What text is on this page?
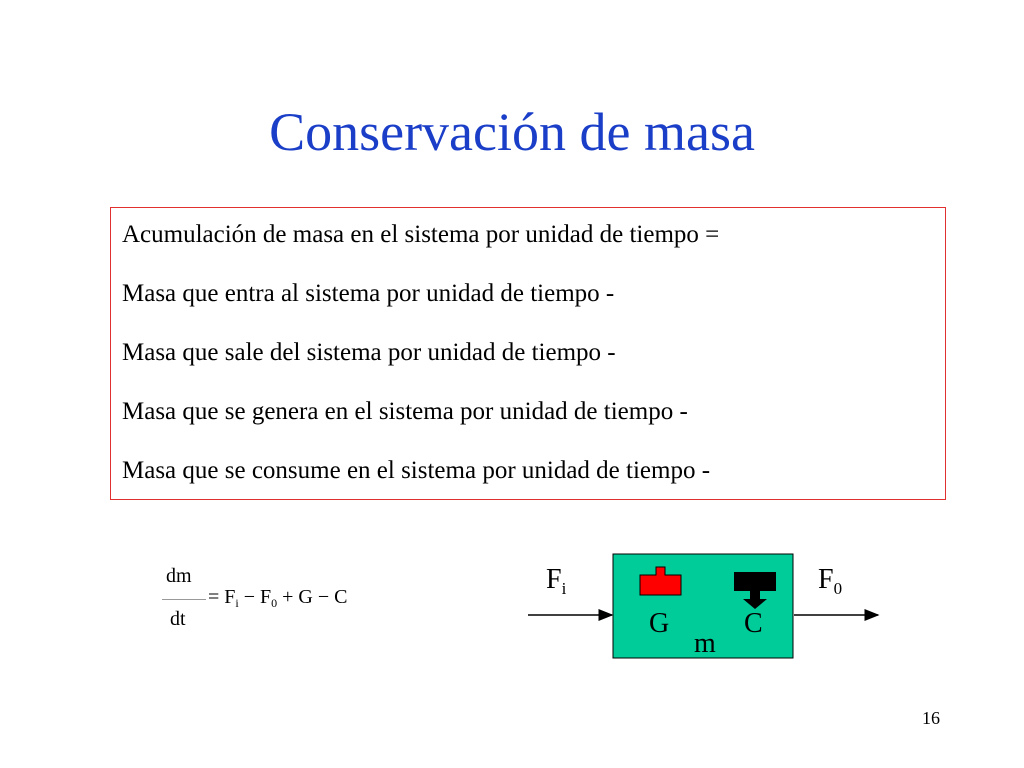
Conservación de masa
Acumulación de masa en el sistema por unidad de tiempo =
Masa que entra al sistema por unidad de tiempo -
Masa que sale del sistema por unidad de tiempo -
Masa que se genera en el sistema por unidad de tiempo -
Masa que se consume en el sistema por unidad de tiempo -
dm
dt
= $F_i - F_0 + G - C$
$F_i$	$F_0$
G	C
m
16
